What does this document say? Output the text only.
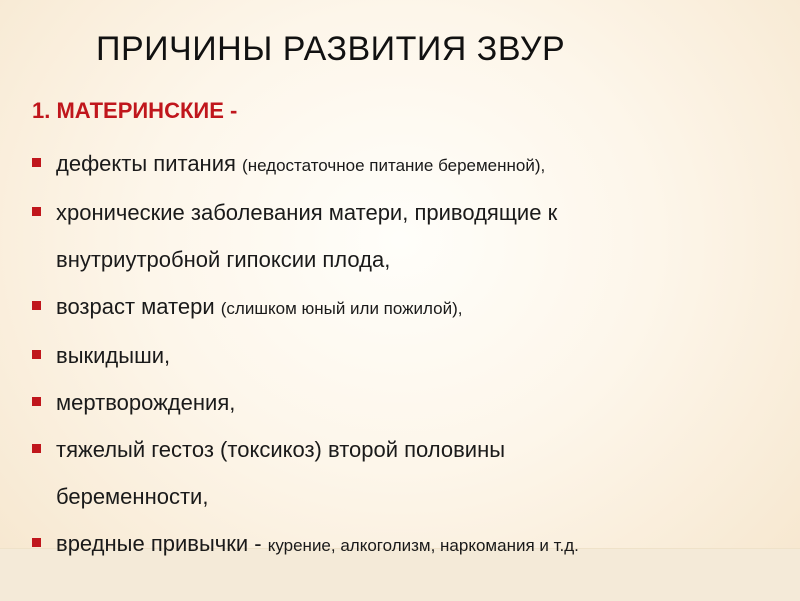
ПРИЧИНЫ РАЗВИТИЯ ЗВУР
1. МАТЕРИНСКИЕ -
дефекты питания (недостаточное питание беременной),
хронические заболевания матери, приводящие к
внутриутробной гипоксии плода,
возраст матери (слишком юный или пожилой),
выкидыши,
мертворождения,
тяжелый гестоз (токсикоз) второй половины
беременности,
вредные привычки - курение, алкоголизм, наркомания и т.д.
